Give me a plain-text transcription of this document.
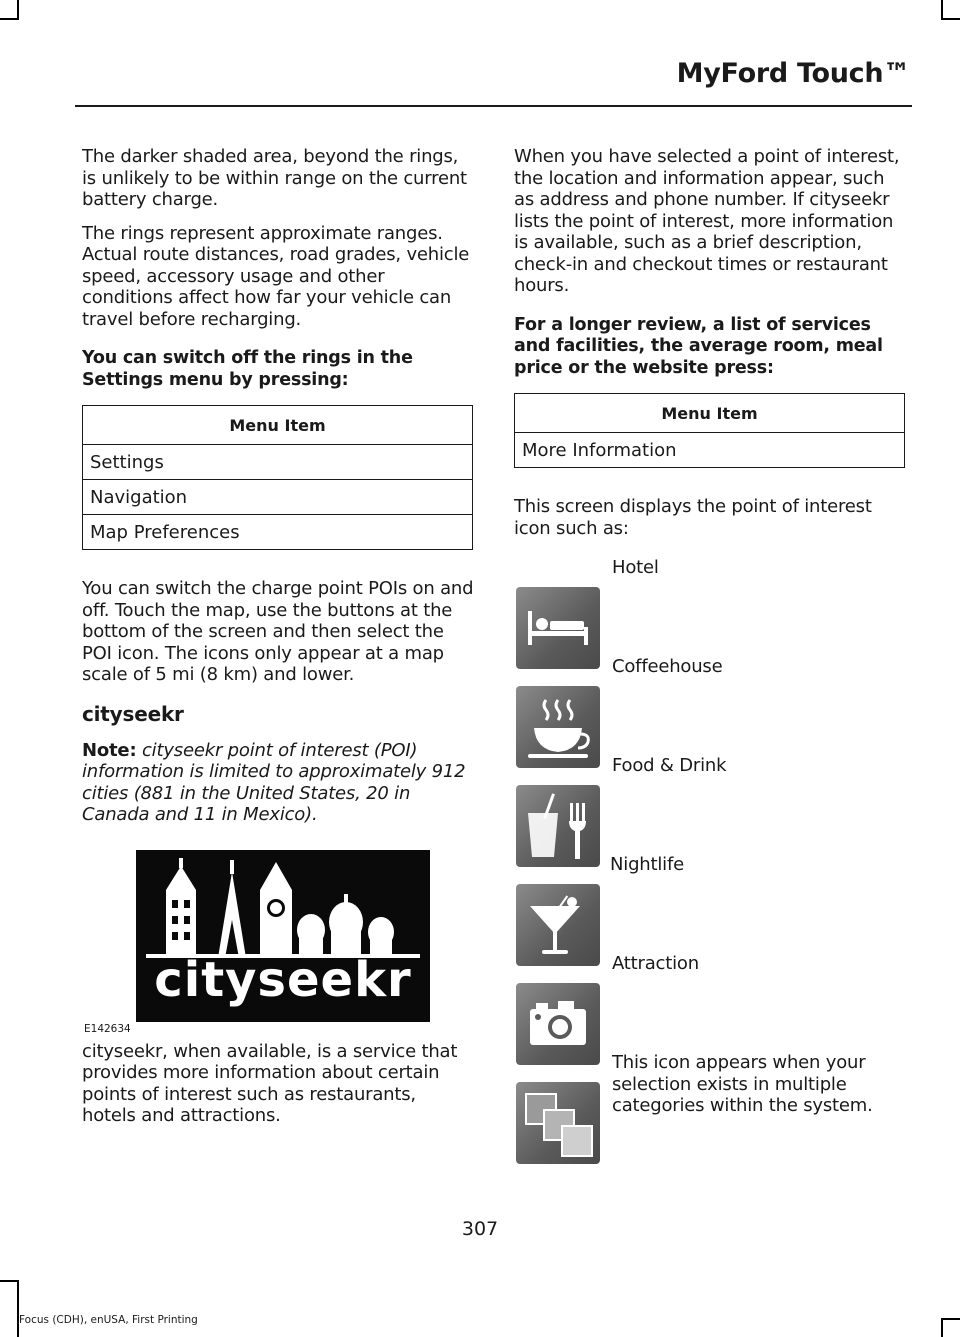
MyFord Touch™

The darker shaded area, beyond the rings, is unlikely to be within range on the current battery charge.

The rings represent approximate ranges. Actual route distances, road grades, vehicle speed, accessory usage and other conditions affect how far your vehicle can travel before recharging.

You can switch off the rings in the Settings menu by pressing:

Menu Item
Settings
Navigation
Map Preferences

You can switch the charge point POIs on and off. Touch the map, use the buttons at the bottom of the screen and then select the POI icon. The icons only appear at a map scale of 5 mi (8 km) and lower.

cityseekr

Note: cityseekr point of interest (POI) information is limited to approximately 912 cities (881 in the United States, 20 in Canada and 11 in Mexico).

cityseekr
E142634

cityseekr, when available, is a service that provides more information about certain points of interest such as restaurants, hotels and attractions.

When you have selected a point of interest, the location and information appear, such as address and phone number. If cityseekr lists the point of interest, more information is available, such as a brief description, check-in and checkout times or restaurant hours.

For a longer review, a list of services and facilities, the average room, meal price or the website press:

Menu Item
More Information

This screen displays the point of interest icon such as:

Hotel
Coffeehouse
Food & Drink
Nightlife
Attraction
This icon appears when your selection exists in multiple categories within the system.
307
Focus (CDH), enUSA, First Printing
